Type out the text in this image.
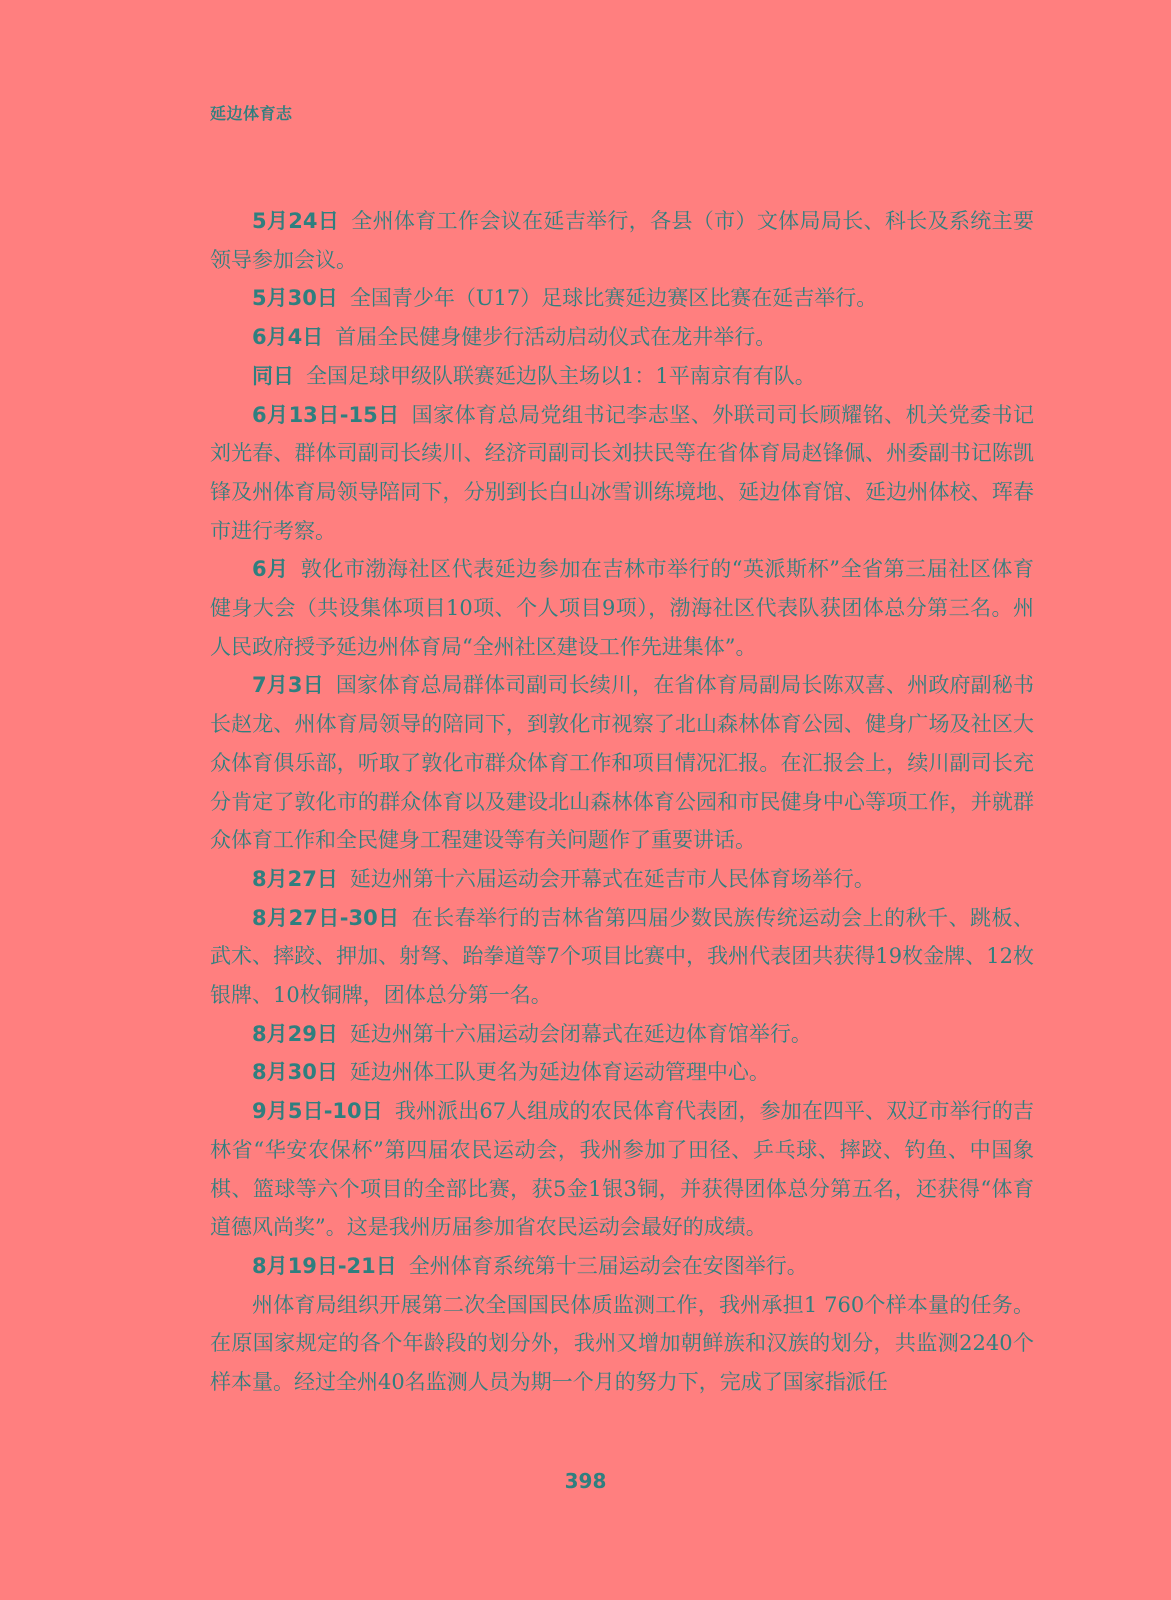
延边体育志

5月24日 全州体育工作会议在延吉举行，各县（市）文体局局长、科长及系统主要领导参加会议。

5月30日 全国青少年（U17）足球比赛延边赛区比赛在延吉举行。

6月4日 首届全民健身健步行活动启动仪式在龙井举行。

同日 全国足球甲级队联赛延边队主场以1：1平南京有有队。

6月13日-15日 国家体育总局党组书记李志坚、外联司司长顾耀铭、机关党委书记刘光春、群体司副司长续川、经济司副司长刘扶民等在省体育局赵锋佩、州委副书记陈凯锋及州体育局领导陪同下，分别到长白山冰雪训练境地、延边体育馆、延边州体校、珲春市进行考察。

6月 敦化市渤海社区代表延边参加在吉林市举行的“英派斯杯”全省第三届社区体育健身大会（共设集体项目10项、个人项目9项），渤海社区代表队获团体总分第三名。州人民政府授予延边州体育局“全州社区建设工作先进集体”。

7月3日 国家体育总局群体司副司长续川，在省体育局副局长陈双喜、州政府副秘书长赵龙、州体育局领导的陪同下，到敦化市视察了北山森林体育公园、健身广场及社区大众体育俱乐部，听取了敦化市群众体育工作和项目情况汇报。在汇报会上，续川副司长充分肯定了敦化市的群众体育以及建设北山森林体育公园和市民健身中心等项工作，并就群众体育工作和全民健身工程建设等有关问题作了重要讲话。

8月27日 延边州第十六届运动会开幕式在延吉市人民体育场举行。

8月27日-30日 在长春举行的吉林省第四届少数民族传统运动会上的秋千、跳板、武术、摔跤、押加、射弩、跆拳道等7个项目比赛中，我州代表团共获得19枚金牌、12枚银牌、10枚铜牌，团体总分第一名。

8月29日 延边州第十六届运动会闭幕式在延边体育馆举行。

8月30日 延边州体工队更名为延边体育运动管理中心。

9月5日-10日 我州派出67人组成的农民体育代表团，参加在四平、双辽市举行的吉林省“华安农保杯”第四届农民运动会，我州参加了田径、乒乓球、摔跤、钓鱼、中国象棋、篮球等六个项目的全部比赛，获5金1银3铜，并获得团体总分第五名，还获得“体育道德风尚奖”。这是我州历届参加省农民运动会最好的成绩。

8月19日-21日 全州体育系统第十三届运动会在安图举行。

州体育局组织开展第二次全国国民体质监测工作，我州承担1 760个样本量的任务。在原国家规定的各个年龄段的划分外，我州又增加朝鲜族和汉族的划分，共监测2240个样本量。经过全州40名监测人员为期一个月的努力下，完成了国家指派任

398
